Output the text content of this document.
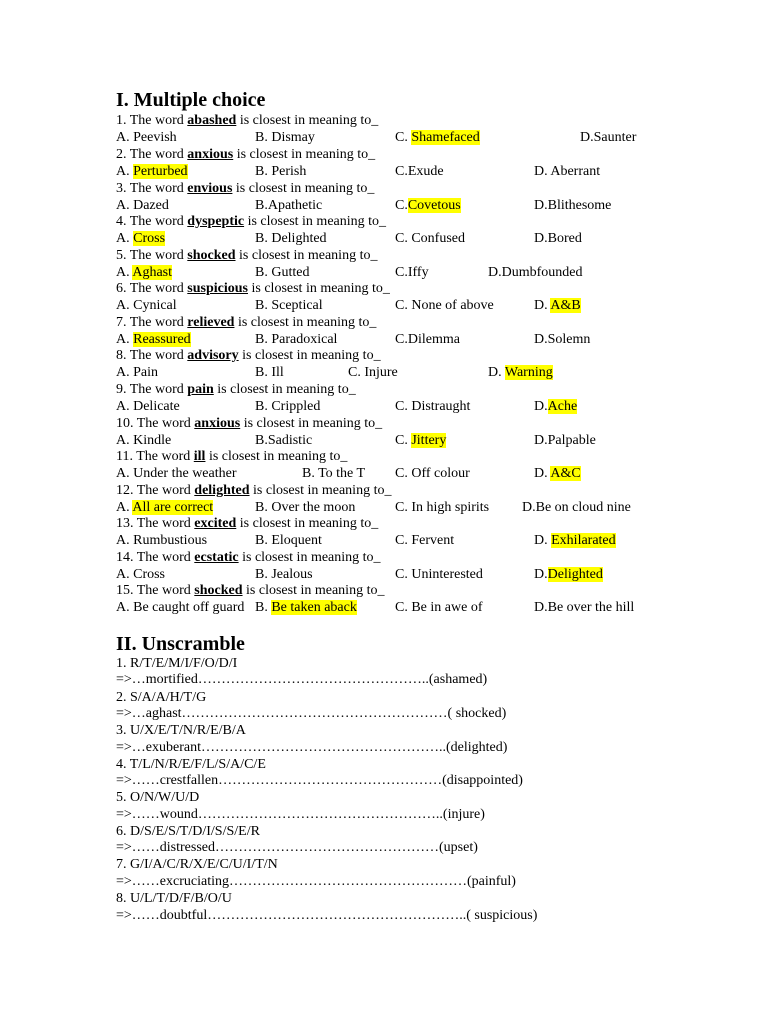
I. Multiple choice
1. The word abashed is closest in meaning to_
A. Peevish	B. Dismay	C. Shamefaced	D.Saunter
2. The word anxious is closest in meaning to_
A. Perturbed	B. Perish	C.Exude	D. Aberrant
3. The word envious is closest in meaning to_
A. Dazed	B.Apathetic	C.Covetous	D.Blithesome
4. The word dyspeptic is closest in meaning to_
A. Cross	B. Delighted	C. Confused	D.Bored
5. The word shocked is closest in meaning to_
A. Aghast	B. Gutted	C.Iffy	D.Dumbfounded
6. The word suspicious is closest in meaning to_
A. Cynical	B. Sceptical	C. None of above	D. A&B
7. The word relieved is closest in meaning to_
A. Reassured	B. Paradoxical	C.Dilemma	D.Solemn
8. The word advisory is closest in meaning to_
A. Pain	B. Ill	C. Injure	D. Warning
9. The word pain is closest in meaning to_
A. Delicate	B. Crippled	C. Distraught	D.Ache
10. The word anxious is closest in meaning to_
A. Kindle	B.Sadistic	C. Jittery	D.Palpable
11. The word ill is closest in meaning to_
A. Under the weather	B. To the T C. Off colour	D. A&C
12. The word delighted is closest in meaning to_
A. All are correct	B. Over the moon	C. In high spirits D.Be on cloud nine
13. The word excited is closest in meaning to_
A. Rumbustious	B. Eloquent	C. Fervent	D. Exhilarated
14. The word ecstatic is closest in meaning to_
A. Cross	B. Jealous	C. Uninterested	D.Delighted
15. The word shocked is closest in meaning to_
A. Be caught off guard B. Be taken aback	C. Be in awe of	D.Be over the hill
II. Unscramble
1. R/T/E/M/I/F/O/D/I
=>…mortified…………………………………………..(ashamed)
2. S/A/A/H/T/G
=>…aghast…………………………………………………( shocked)
3. U/X/E/T/N/R/E/B/A
=>…exuberant……………………………………………..(delighted)
4. T/L/N/R/E/F/L/S/A/C/E
=>……crestfallen…………………………………………(disappointed)
5. O/N/W/U/D
=>……wound……………………………………………..(injure)
6. D/S/E/S/T/D/I/S/S/E/R
=>……distressed…………………………………………(upset)
7. G/I/A/C/R/X/E/C/U/I/T/N
=>……excruciating……………………………………………(painful)
8. U/L/T/D/F/B/O/U
=>……doubtful………………………………………………..( suspicious)
